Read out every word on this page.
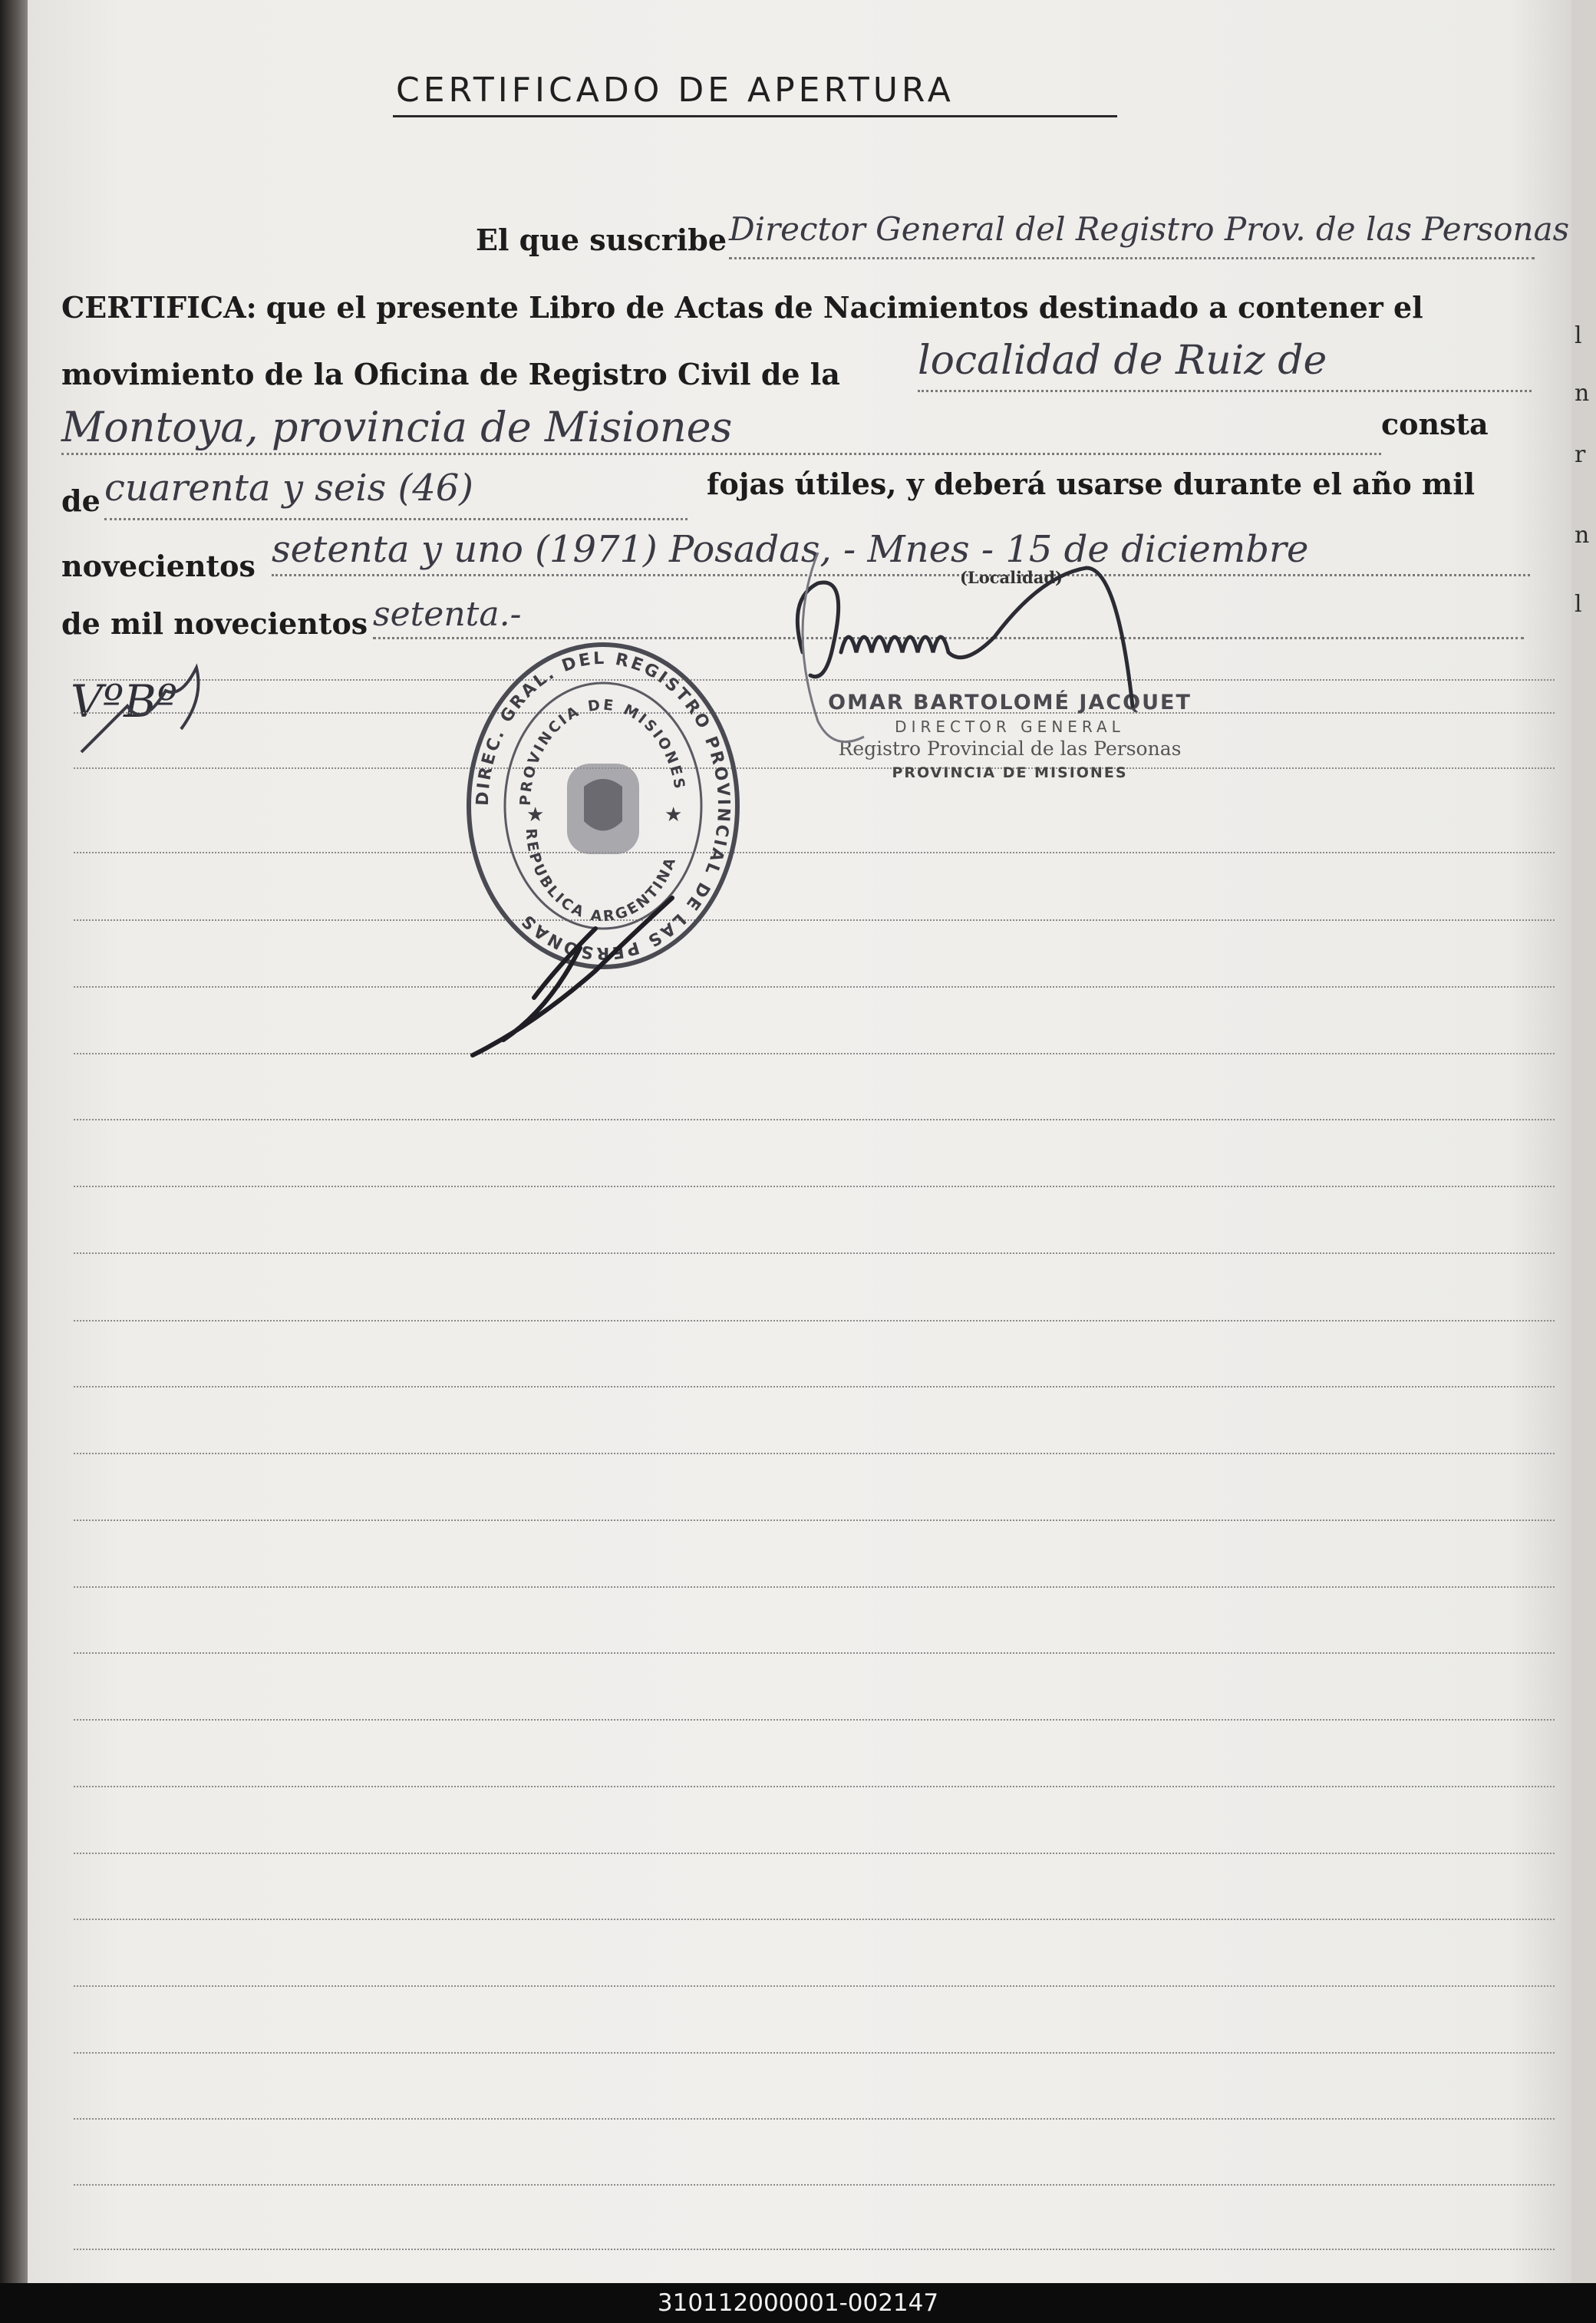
CERTIFICADO DE APERTURA
El que suscribe Director General del Registro Prov. de las Personas
CERTIFICA: que el presente Libro de Actas de Nacimientos destinado a contener el
movimiento de la Oficina de Registro Civil de la localidad de Ruiz de
Montoya, provincia de Misiones	consta
de cuarenta y seis (46)	fojas útiles, y deberá usarse durante el año mil
novecientos setenta y uno (1971) Posadas, - Mnes - 15 de diciembre
(Localidad)
de mil novecientos setenta.-
VºBº
DIREC. GRAL. DEL REGISTRO PROVINCIAL DE LAS PERSONAS
PROVINCIA DE MISIONES
REPUBLICA ARGENTINA
★	★
OMAR BARTOLOMÉ JACQUET
DIRECTOR GENERAL
Registro Provincial de las Personas
PROVINCIA DE MISIONES
l
n
r
n
l
310112000001-002147
